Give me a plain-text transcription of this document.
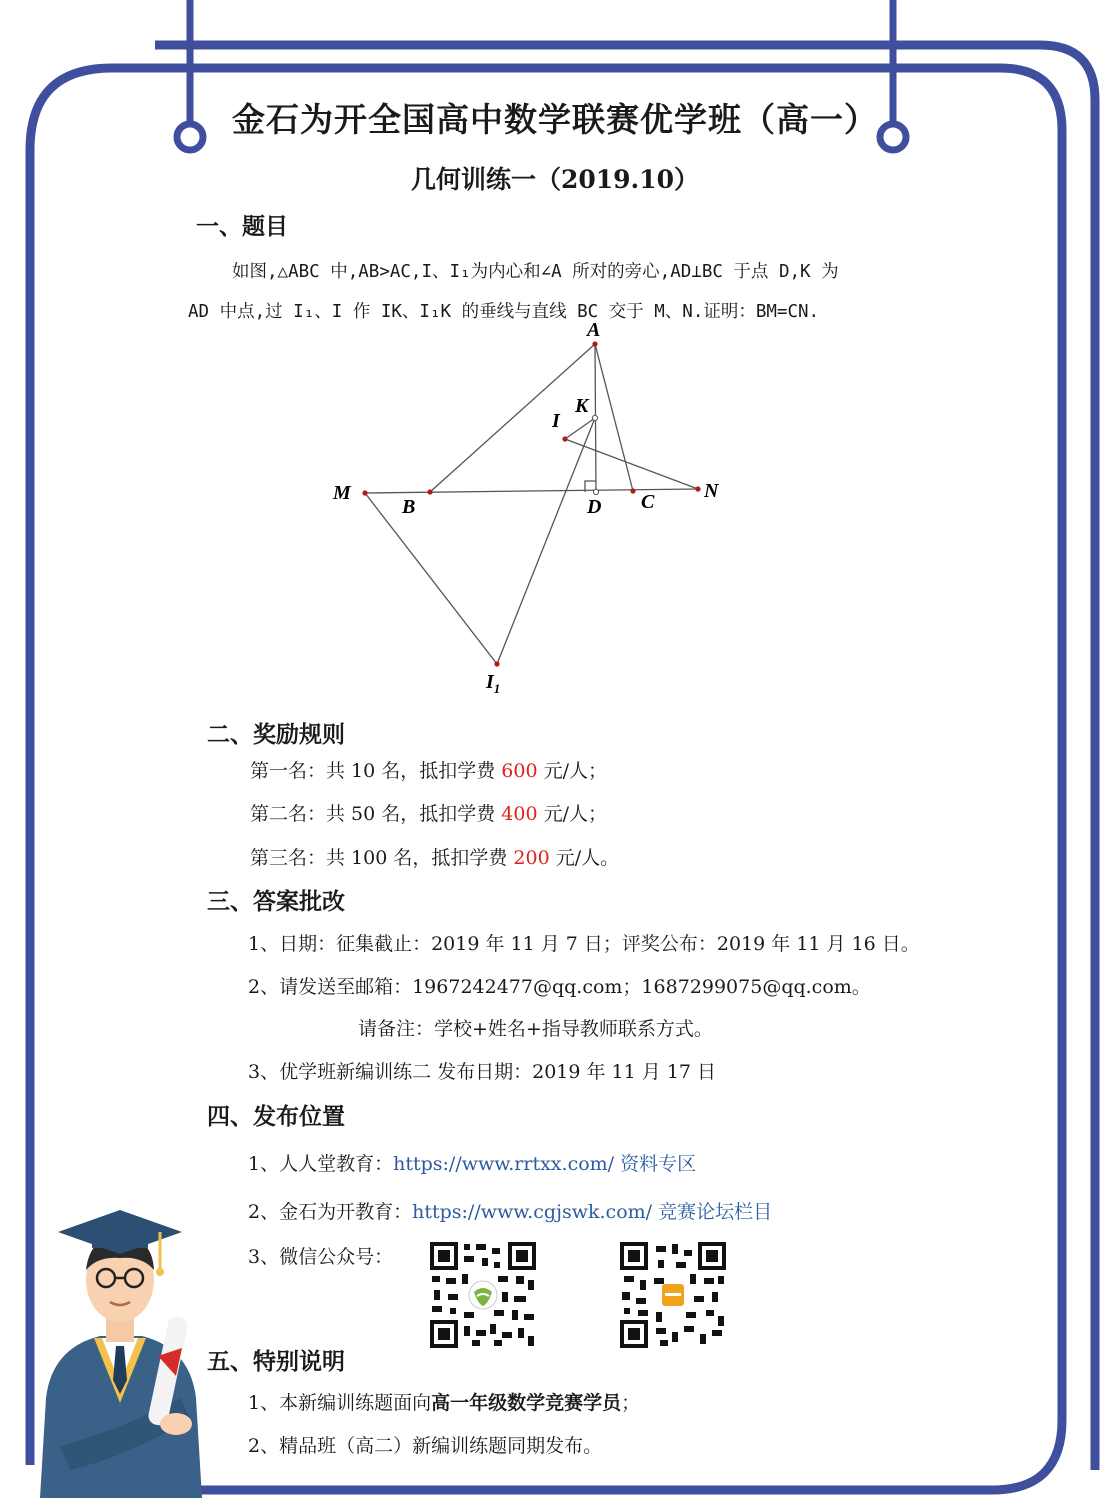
金石为开全国高中数学联赛优学班（高一）
几何训练一（2019.10）
一、题目
如图,△ABC 中,AB>AC,I、I₁为内心和∠A 所对的旁心,AD⊥BC 于点 D,K 为
AD 中点,过 I₁、I 作 IK、I₁K 的垂线与直线 BC 交于 M、N.证明：BM=CN.
A
K
I
M
B	D C N
$I_1$
二、奖励规则
第一名：共 10 名，抵扣学费 600 元/人；
第二名：共 50 名，抵扣学费 400 元/人；
第三名：共 100 名，抵扣学费 200 元/人。
三、答案批改
1、日期：征集截止：2019 年 11 月 7 日；评奖公布：2019 年 11 月 16 日。
2、请发送至邮箱：1967242477@qq.com；1687299075@qq.com。
请备注：学校+姓名+指导教师联系方式。
3、优学班新编训练二 发布日期：2019 年 11 月 17 日
四、发布位置
1、人人堂教育：https://www.rrtxx.com/ 资料专区
2、金石为开教育：https://www.cgjswk.com/ 竞赛论坛栏目
3、微信公众号：
五、特别说明
1、本新编训练题面向高一年级数学竞赛学员；
2、精品班（高二）新编训练题同期发布。
